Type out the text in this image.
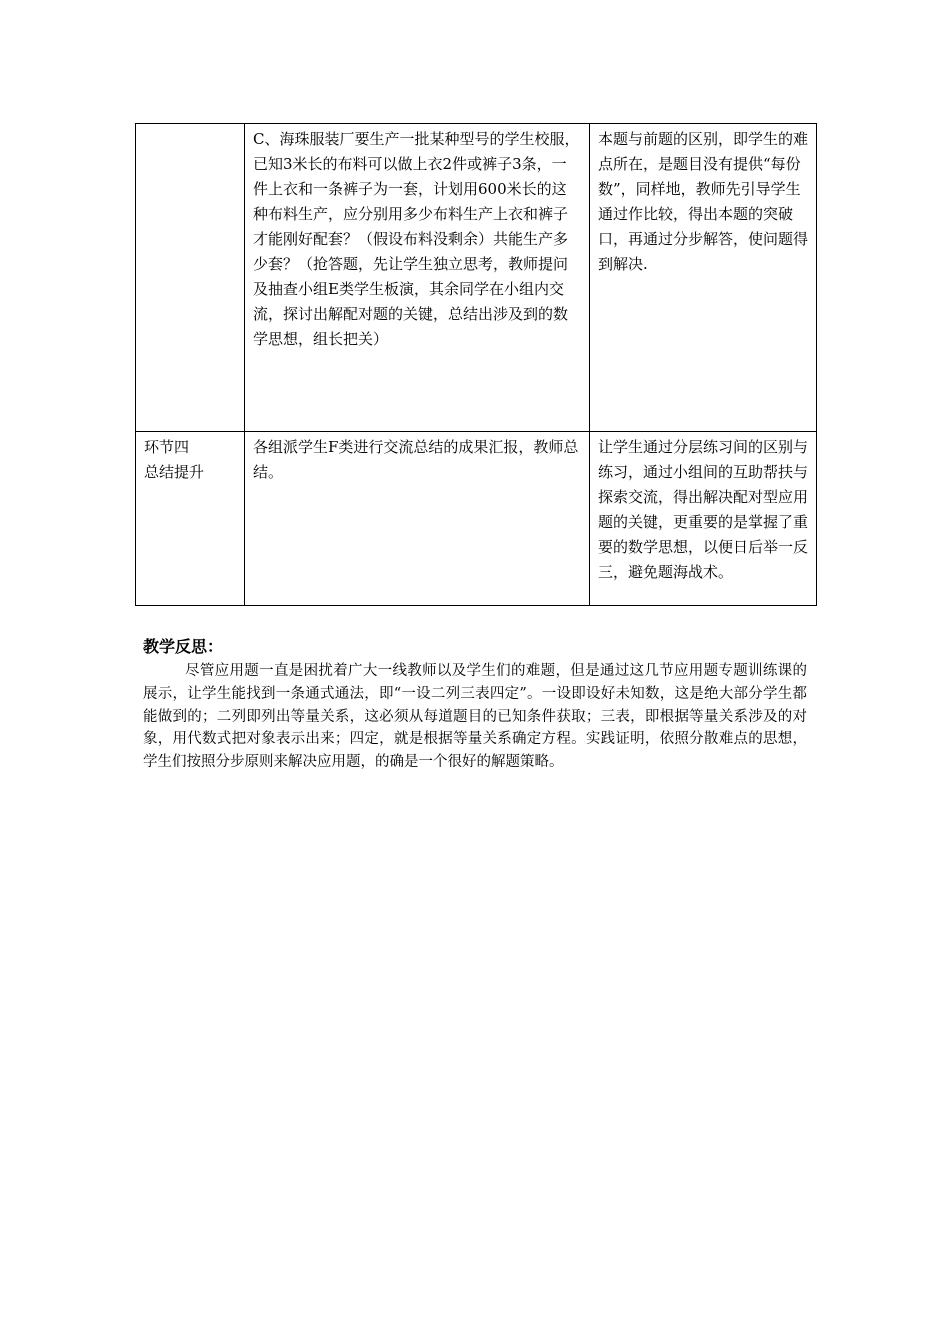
	C、海珠服装厂要生产一批某种型号的学生校服，已知3米长的布料可以做上衣2件或裤子3条，一件上衣和一条裤子为一套，计划用600米长的这种布料生产，应分别用多少布料生产上衣和裤子才能刚好配套？（假设布料没剩余）共能生产多少套？（抢答题，先让学生独立思考，教师提问及抽查小组E类学生板演，其余同学在小组内交流，探讨出解配对题的关键，总结出涉及到的数学思想，组长把关）	本题与前题的区别，即学生的难点所在，是题目没有提供“每份数”，同样地，教师先引导学生通过作比较，得出本题的突破口，再通过分步解答，使问题得到解决.

环节四
总结提升	各组派学生F类进行交流总结的成果汇报，教师总结。	让学生通过分层练习间的区别与练习，通过小组间的互助帮扶与探索交流，得出解决配对型应用题的关键，更重要的是掌握了重要的数学思想，以便日后举一反三，避免题海战术。
教学反思：
尽管应用题一直是困扰着广大一线教师以及学生们的难题，但是通过这几节应用题专题训练课的展示，让学生能找到一条通式通法，即“一设二列三表四定”。一设即设好未知数，这是绝大部分学生都能做到的；二列即列出等量关系，这必须从每道题目的已知条件获取；三表，即根据等量关系涉及的对象，用代数式把对象表示出来；四定，就是根据等量关系确定方程。实践证明，依照分散难点的思想，学生们按照分步原则来解决应用题，的确是一个很好的解题策略。
